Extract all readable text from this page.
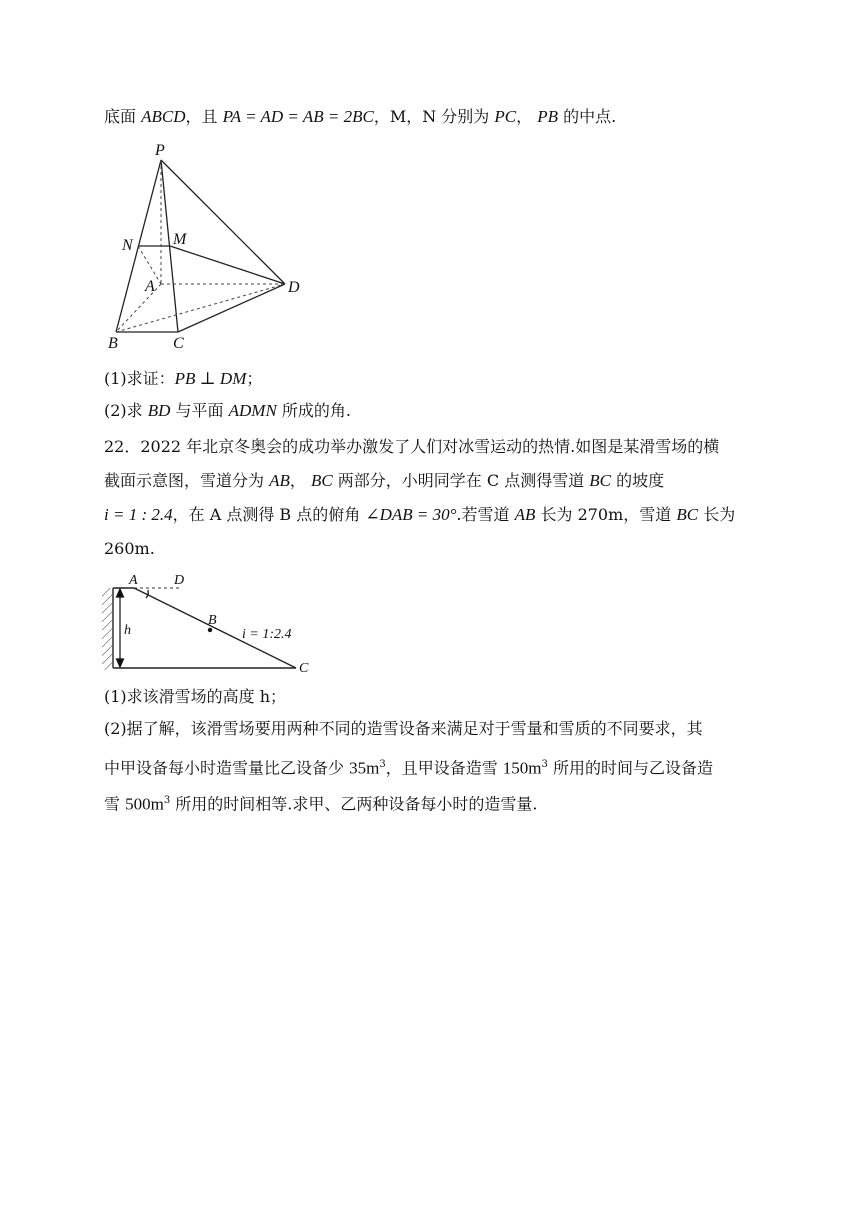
底面 ABCD，且 PA = AD = AB = 2BC，M，N 分别为 PC， PB 的中点.
P
N	M
A	D
B	C
(1)求证：PB ⊥ DM；
(2)求 BD 与平面 ADMN 所成的角.
22．2022 年北京冬奥会的成功举办激发了人们对冰雪运动的热情.如图是某滑雪场的横
截面示意图，雪道分为 AB， BC 两部分，小明同学在 C 点测得雪道 BC 的坡度
i = 1 : 2.4，在 A 点测得 B 点的俯角 ∠DAB = 30°.若雪道 AB 长为 270m，雪道 BC 长为
260m.
A	D
B
h	i = 1:2.4
C
(1)求该滑雪场的高度 h；
(2)据了解，该滑雪场要用两种不同的造雪设备来满足对于雪量和雪质的不同要求，其
中甲设备每小时造雪量比乙设备少 $35m^3$，且甲设备造雪 $150m^3$ 所用的时间与乙设备造
雪 $500m^3$ 所用的时间相等.求甲、乙两种设备每小时的造雪量.
